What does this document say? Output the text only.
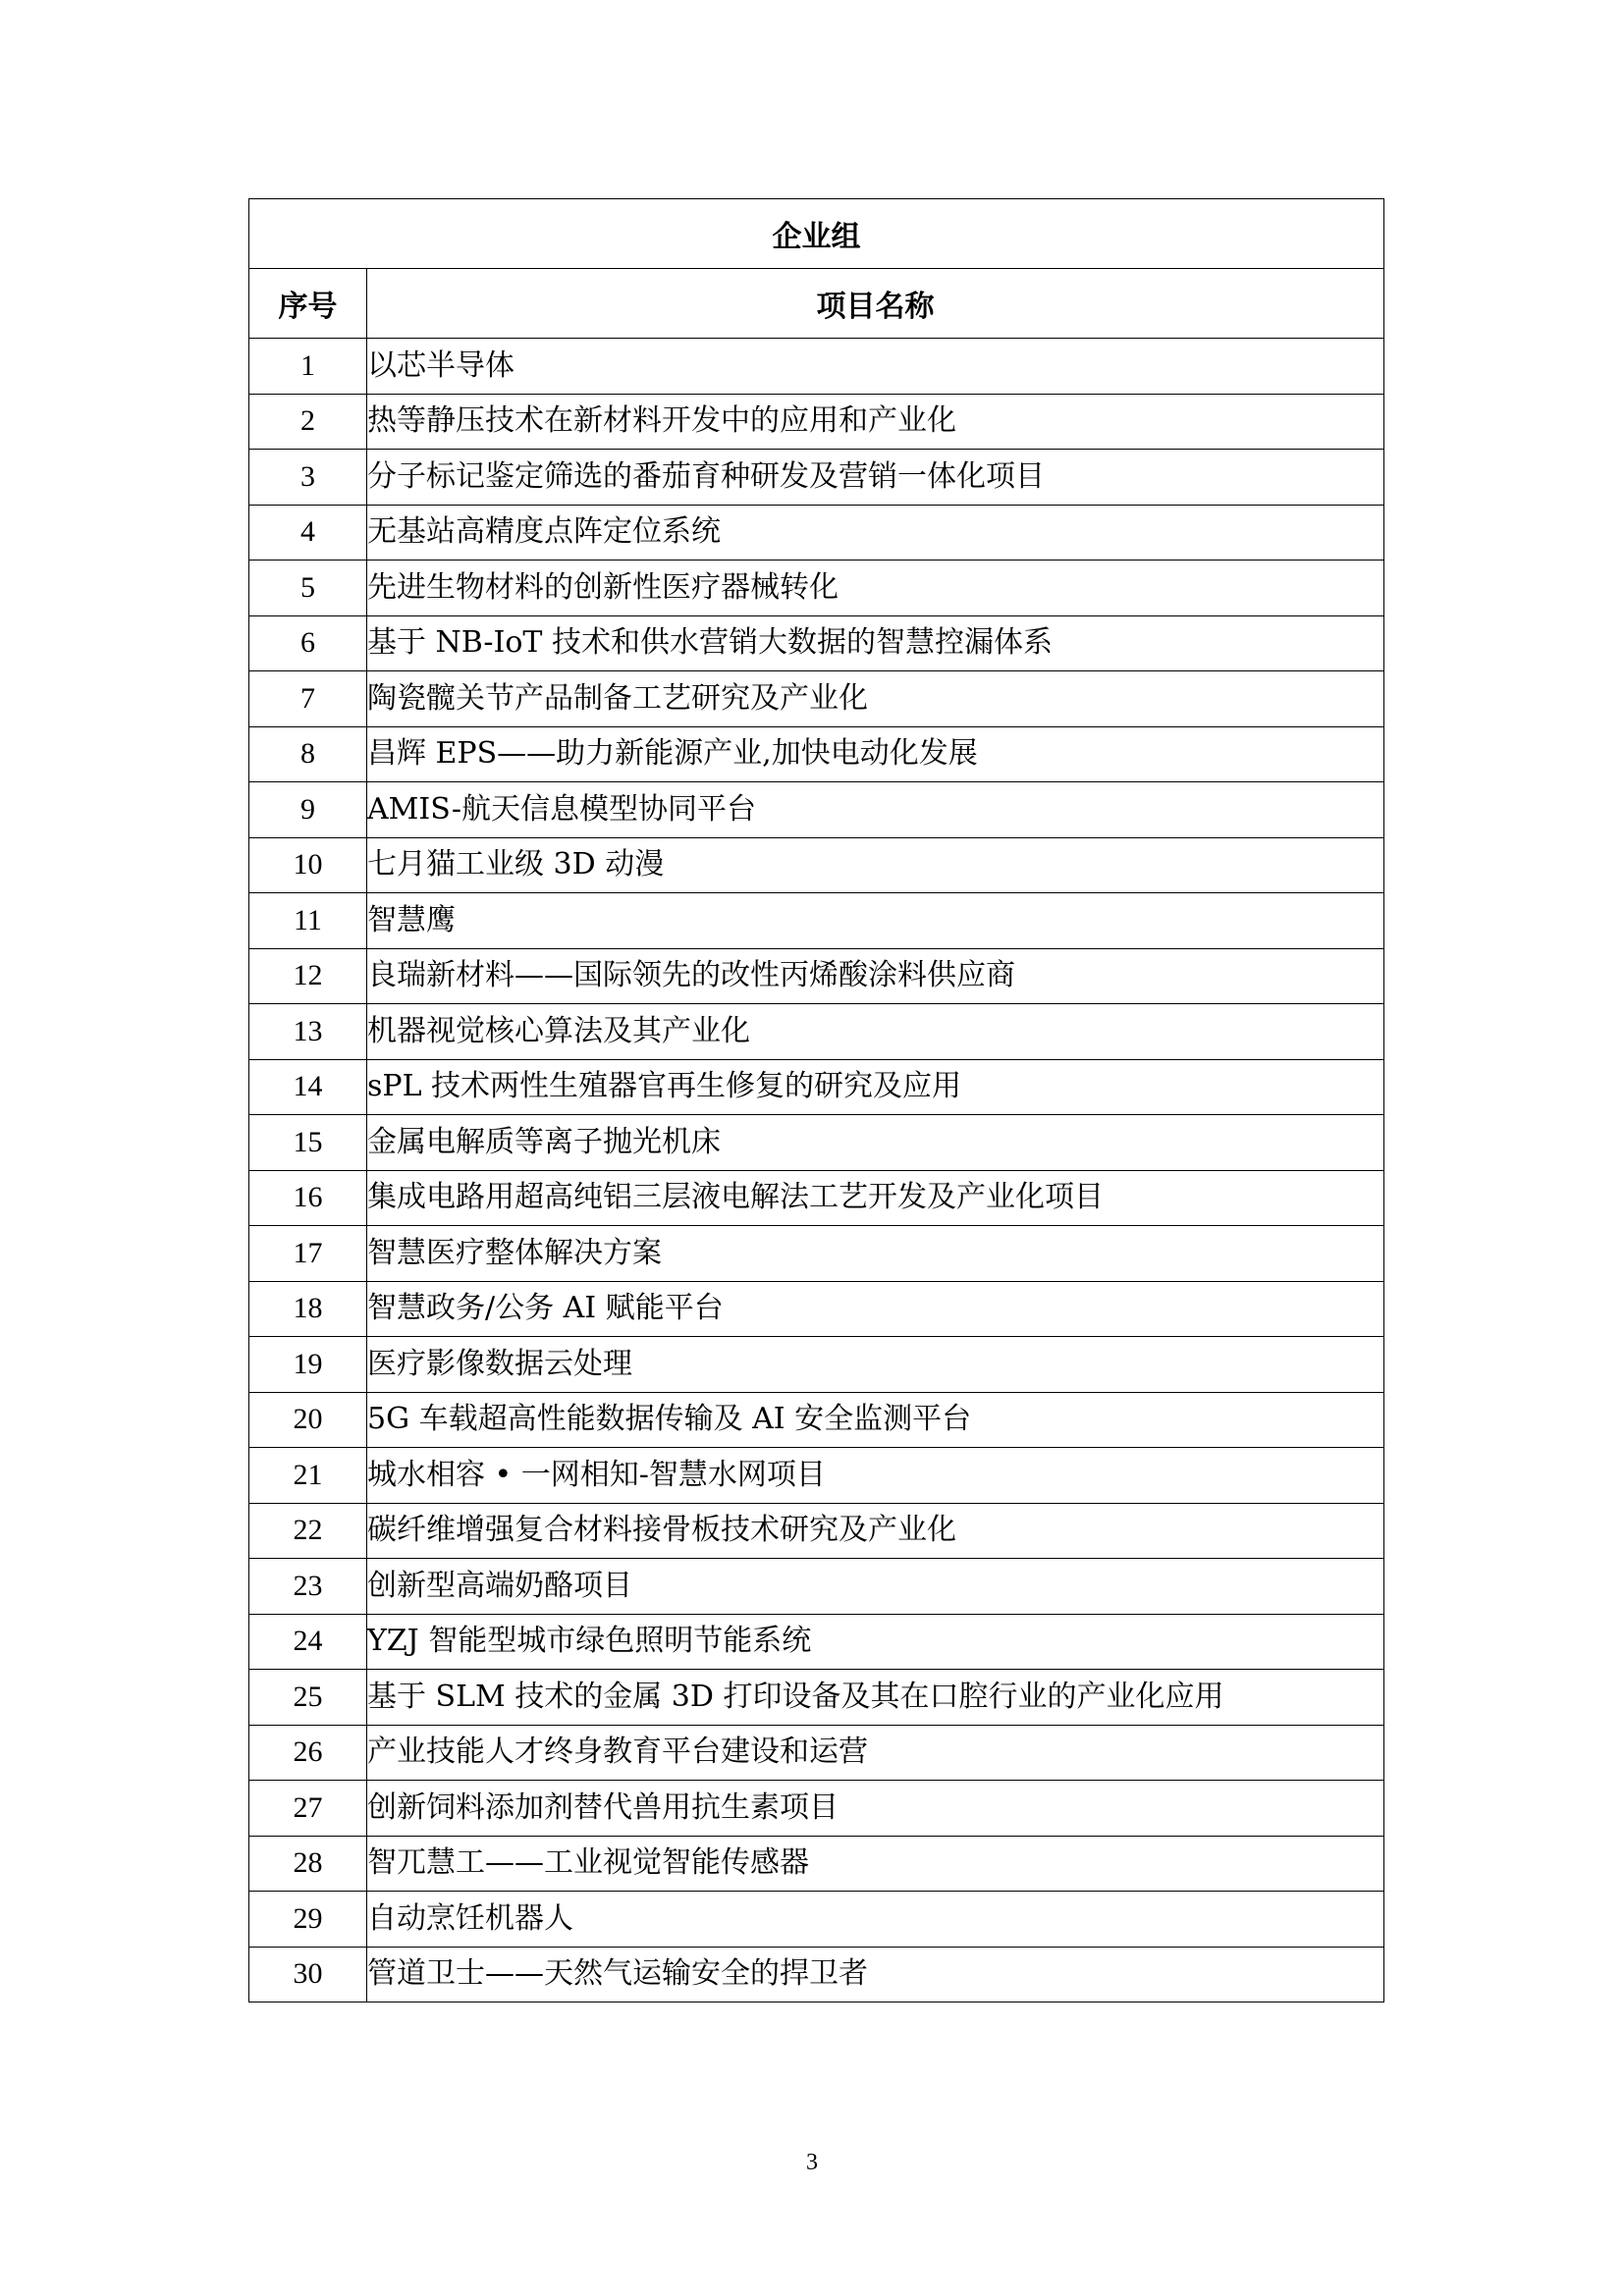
企业组	
序号	项目名称
1	以芯半导体
2	热等静压技术在新材料开发中的应用和产业化
3	分子标记鉴定筛选的番茄育种研发及营销一体化项目
4	无基站高精度点阵定位系统
5	先进生物材料的创新性医疗器械转化
6	基于 NB-IoT 技术和供水营销大数据的智慧控漏体系
7	陶瓷髋关节产品制备工艺研究及产业化
8	昌辉 EPS——助力新能源产业,加快电动化发展
9	AMIS-航天信息模型协同平台
10	七月猫工业级 3D 动漫
11	智慧鹰
12	良瑞新材料——国际领先的改性丙烯酸涂料供应商
13	机器视觉核心算法及其产业化
14	sPL 技术两性生殖器官再生修复的研究及应用
15	金属电解质等离子抛光机床
16	集成电路用超高纯铝三层液电解法工艺开发及产业化项目
17	智慧医疗整体解决方案
18	智慧政务/公务 AI 赋能平台
19	医疗影像数据云处理
20	5G 车载超高性能数据传输及 AI 安全监测平台
21	城水相容 • 一网相知-智慧水网项目
22	碳纤维增强复合材料接骨板技术研究及产业化
23	创新型高端奶酪项目
24	YZJ 智能型城市绿色照明节能系统
25	基于 SLM 技术的金属 3D 打印设备及其在口腔行业的产业化应用
26	产业技能人才终身教育平台建设和运营
27	创新饲料添加剂替代兽用抗生素项目
28	智兀慧工——工业视觉智能传感器
29	自动烹饪机器人
30	管道卫士——天然气运输安全的捍卫者
3
